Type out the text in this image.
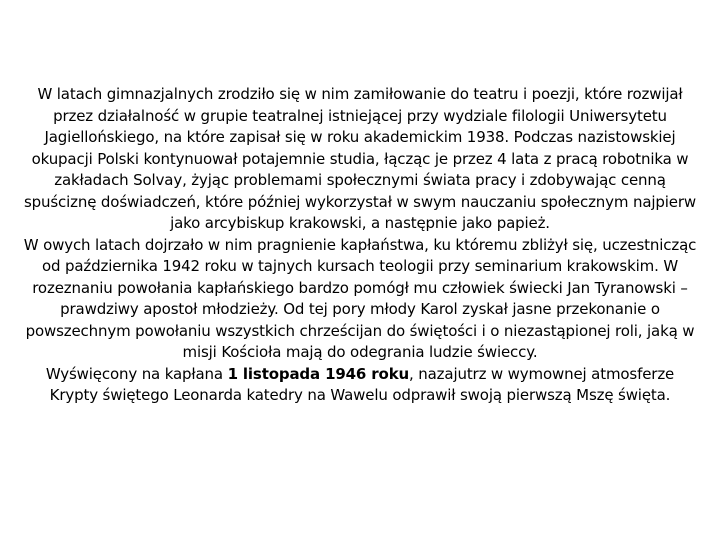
W latach gimnazjalnych zrodziło się w nim zamiłowanie do teatru i poezji, które rozwijał przez działalność w grupie teatralnej istniejącej przy wydziale filologii Uniwersytetu Jagiellońskiego, na które zapisał się w roku akademickim 1938. Podczas nazistowskiej okupacji Polski kontynuował potajemnie studia, łącząc je przez 4 lata z pracą robotnika w zakładach Solvay, żyjąc problemami społecznymi świata pracy i zdobywając cenną spuściznę doświadczeń, które później wykorzystał w swym nauczaniu społecznym najpierw jako arcybiskup krakowski, a następnie jako papież.
W owych latach dojrzało w nim pragnienie kapłaństwa, ku któremu zbliżył się, uczestnicząc od października 1942 roku w tajnych kursach teologii przy seminarium krakowskim. W rozeznaniu powołania kapłańskiego bardzo pomógł mu człowiek świecki Jan Tyranowski – prawdziwy apostoł młodzieży. Od tej pory młody Karol zyskał jasne przekonanie o powszechnym powołaniu wszystkich chrześcijan do świętości i o niezastąpionej roli, jaką w misji Kościoła mają do odegrania ludzie świeccy.
Wyświęcony na kapłana 1 listopada 1946 roku, nazajutrz w wymownej atmosferze Krypty świętego Leonarda katedry na Wawelu odprawił swoją pierwszą Mszę święta.
